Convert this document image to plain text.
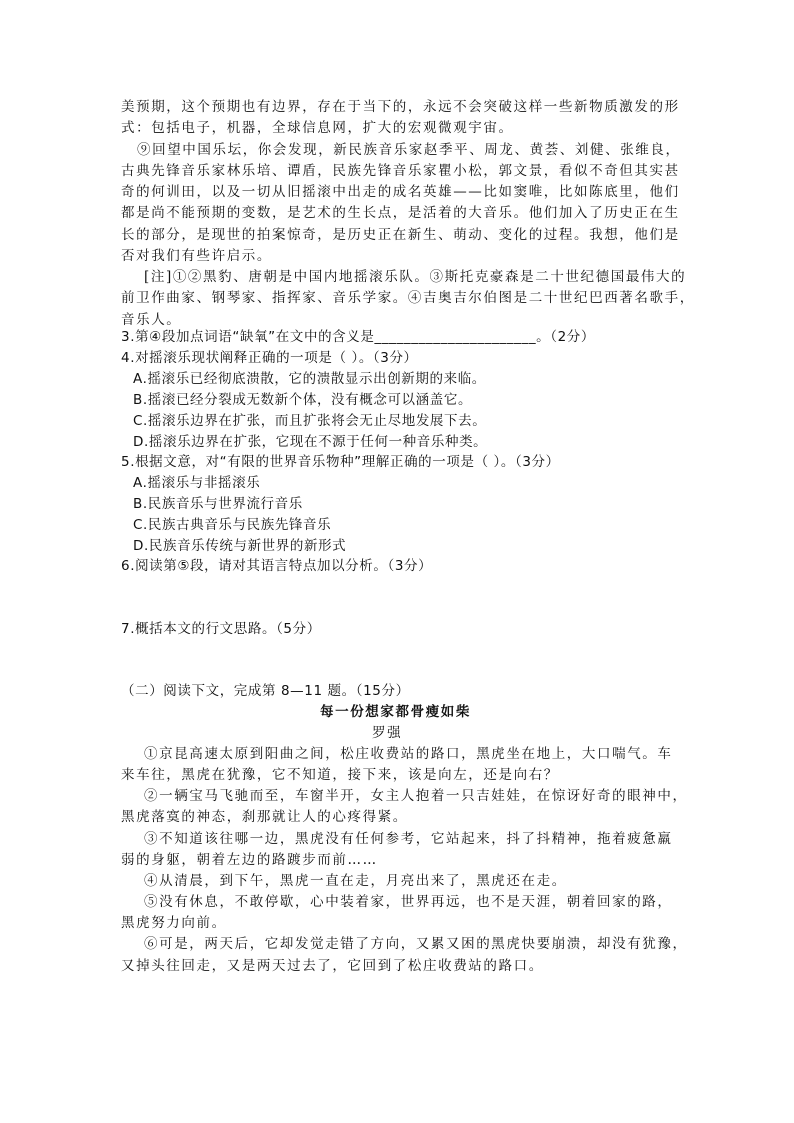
美预期，这个预期也有边界，存在于当下的，永远不会突破这样一些新物质激发的形
式：包括电子，机器，全球信息网，扩大的宏观微观宇宙。
⑨回望中国乐坛，你会发现，新民族音乐家赵季平、周龙、黄荟、刘健、张维良，
古典先锋音乐家林乐培、谭盾，民族先锋音乐家瞿小松，郭文景，看似不奇但其实甚
奇的何训田，以及一切从旧摇滚中出走的成名英雄——比如窦唯，比如陈底里，他们
都是尚不能预期的变数，是艺术的生长点，是活着的大音乐。他们加入了历史正在生
长的部分，是现世的拍案惊奇，是历史正在新生、萌动、变化的过程。我想，他们是
否对我们有些许启示。
[注]①②黑豹、唐朝是中国内地摇滚乐队。③斯托克豪森是二十世纪德国最伟大的
前卫作曲家、钢琴家、指挥家、音乐学家。④吉奥吉尔伯图是二十世纪巴西著名歌手，
音乐人。
3.第④段加点词语“缺氧”在文中的含义是______________________。（2分）
4.对摇滚乐现状阐释正确的一项是（ ）。（3分）
A.摇滚乐已经彻底溃散，它的溃散显示出创新期的来临。
B.摇滚已经分裂成无数新个体，没有概念可以涵盖它。
C.摇滚乐边界在扩张，而且扩张将会无止尽地发展下去。
D.摇滚乐边界在扩张，它现在不源于任何一种音乐种类。
5.根据文意，对“有限的世界音乐物种”理解正确的一项是（ ）。（3分）
A.摇滚乐与非摇滚乐
B.民族音乐与世界流行音乐
C.民族古典音乐与民族先锋音乐
D.民族音乐传统与新世界的新形式
6.阅读第⑤段，请对其语言特点加以分析。（3分）
7.概括本文的行文思路。（5分）
（二）阅读下文，完成第 8—11 题。（15分）
每一份想家都骨瘦如柴
罗强
①京昆高速太原到阳曲之间，松庄收费站的路口，黑虎坐在地上，大口喘气。车
来车往，黑虎在犹豫，它不知道，接下来，该是向左，还是向右？
②一辆宝马飞驰而至，车窗半开，女主人抱着一只吉娃娃，在惊讶好奇的眼神中，
黑虎落寞的神态，刹那就让人的心疼得紧。
③不知道该往哪一边，黑虎没有任何参考，它站起来，抖了抖精神，拖着疲惫羸
弱的身躯，朝着左边的路踱步而前……
④从清晨，到下午，黑虎一直在走，月亮出来了，黑虎还在走。
⑤没有休息，不敢停歇，心中装着家，世界再远，也不是天涯，朝着回家的路，
黑虎努力向前。
⑥可是，两天后，它却发觉走错了方向，又累又困的黑虎快要崩溃，却没有犹豫，
又掉头往回走，又是两天过去了，它回到了松庄收费站的路口。
